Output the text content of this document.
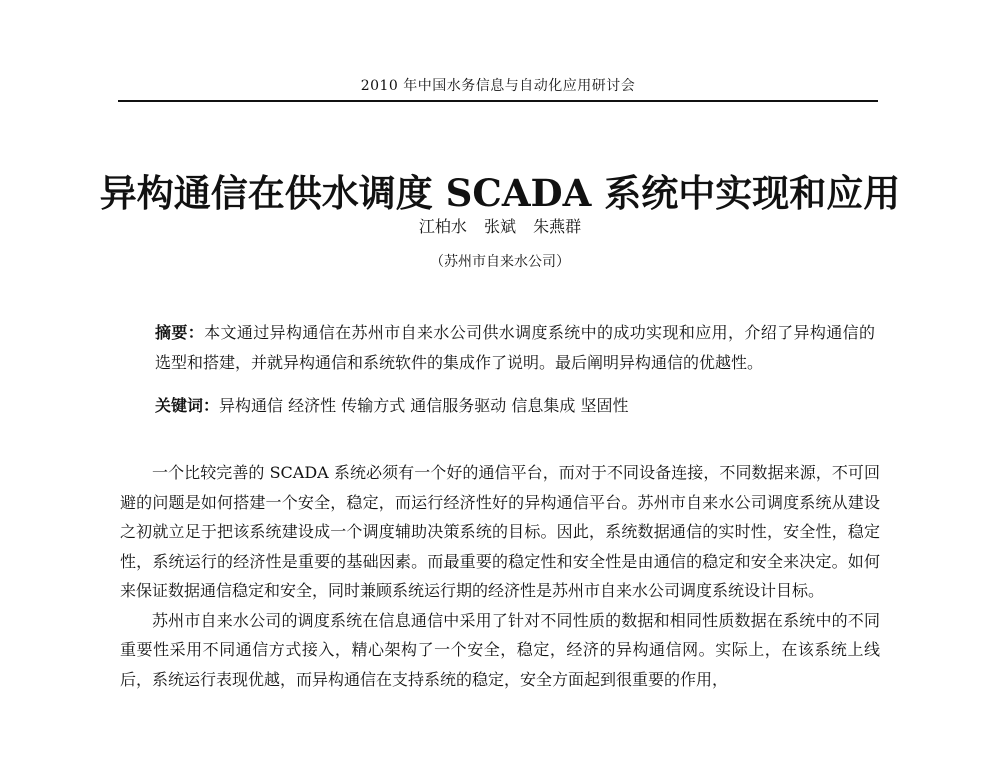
2010 年中国水务信息与自动化应用研讨会
异构通信在供水调度 SCADA 系统中实现和应用
江柏水 张斌 朱燕群
（苏州市自来水公司）
摘要：本文通过异构通信在苏州市自来水公司供水调度系统中的成功实现和应用，介绍了异构通信的选型和搭建，并就异构通信和系统软件的集成作了说明。最后阐明异构通信的优越性。
关键词：异构通信 经济性 传输方式 通信服务驱动 信息集成 坚固性

一个比较完善的 SCADA 系统必须有一个好的通信平台，而对于不同设备连接，不同数据来源，不可回避的问题是如何搭建一个安全，稳定，而运行经济性好的异构通信平台。苏州市自来水公司调度系统从建设之初就立足于把该系统建设成一个调度辅助决策系统的目标。因此，系统数据通信的实时性，安全性，稳定性，系统运行的经济性是重要的基础因素。而最重要的稳定性和安全性是由通信的稳定和安全来决定。如何来保证数据通信稳定和安全，同时兼顾系统运行期的经济性是苏州市自来水公司调度系统设计目标。

苏州市自来水公司的调度系统在信息通信中采用了针对不同性质的数据和相同性质数据在系统中的不同重要性采用不同通信方式接入，精心架构了一个安全，稳定，经济的异构通信网。实际上，在该系统上线后，系统运行表现优越，而异构通信在支持系统的稳定，安全方面起到很重要的作用，
